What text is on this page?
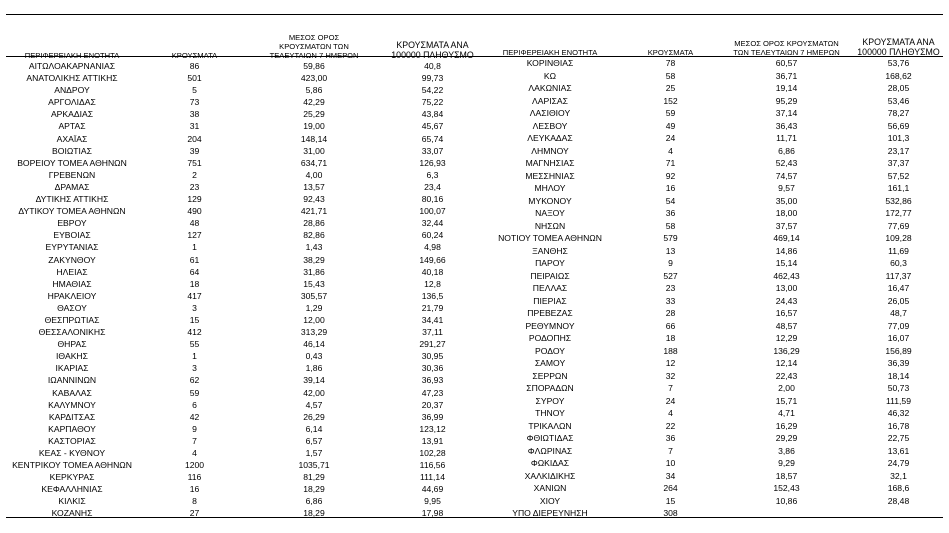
ΠΕΡΙΦΕΡΕΙΑΚΗ ΕΝΟΤΗΤΑ	ΚΡΟΥΣΜΑΤΑ	ΜΕΣΟΣ ΟΡΟΣ ΚΡΟΥΣΜΑΤΩΝ ΤΩΝ ΤΕΛΕΥΤΑΙΩΝ 7 ΗΜΕΡΩΝ	ΚΡΟΥΣΜΑΤΑ ΑΝΑ 100000 ΠΛΗΘΥΣΜΟ

ΑΙΤΩΛΟΑΚΑΡΝΑΝΙΑΣ	86	59,86	40,8
ΑΝΑΤΟΛΙΚΗΣ ΑΤΤΙΚΗΣ	501	423,00	99,73
ΑΝΔΡΟΥ	5	5,86	54,22
ΑΡΓΟΛΙΔΑΣ	73	42,29	75,22
ΑΡΚΑΔΙΑΣ	38	25,29	43,84
ΑΡΤΑΣ	31	19,00	45,67
ΑΧΑΪΑΣ	204	148,14	65,74
ΒΟΙΩΤΙΑΣ	39	31,00	33,07
ΒΟΡΕΙΟΥ ΤΟΜΕΑ ΑΘΗΝΩΝ	751	634,71	126,93
ΓΡΕΒΕΝΩΝ	2	4,00	6,3
ΔΡΑΜΑΣ	23	13,57	23,4
ΔΥΤΙΚΗΣ ΑΤΤΙΚΗΣ	129	92,43	80,16
ΔΥΤΙΚΟΥ ΤΟΜΕΑ ΑΘΗΝΩΝ	490	421,71	100,07
ΕΒΡΟΥ	48	28,86	32,44
ΕΥΒΟΙΑΣ	127	82,86	60,24
ΕΥΡΥΤΑΝΙΑΣ	1	1,43	4,98
ΖΑΚΥΝΘΟΥ	61	38,29	149,66
ΗΛΕΙΑΣ	64	31,86	40,18
ΗΜΑΘΙΑΣ	18	15,43	12,8
ΗΡΑΚΛΕΙΟΥ	417	305,57	136,5
ΘΑΣΟΥ	3	1,29	21,79
ΘΕΣΠΡΩΤΙΑΣ	15	12,00	34,41
ΘΕΣΣΑΛΟΝΙΚΗΣ	412	313,29	37,11
ΘΗΡΑΣ	55	46,14	291,27
ΙΘΑΚΗΣ	1	0,43	30,95
ΙΚΑΡΙΑΣ	3	1,86	30,36
ΙΩΑΝΝΙΝΩΝ	62	39,14	36,93
ΚΑΒΑΛΑΣ	59	42,00	47,23
ΚΑΛΥΜΝΟΥ	6	4,57	20,37
ΚΑΡΔΙΤΣΑΣ	42	26,29	36,99
ΚΑΡΠΑΘΟΥ	9	6,14	123,12
ΚΑΣΤΟΡΙΑΣ	7	6,57	13,91
ΚΕΑΣ - ΚΥΘΝΟΥ	4	1,57	102,28
ΚΕΝΤΡΙΚΟΥ ΤΟΜΕΑ ΑΘΗΝΩΝ	1200	1035,71	116,56
ΚΕΡΚΥΡΑΣ	116	81,29	111,14
ΚΕΦΑΛΛΗΝΙΑΣ	16	18,29	44,69
ΚΙΛΚΙΣ	8	6,86	9,95
ΚΟΖΑΝΗΣ	27	18,29	17,98
ΠΕΡΙΦΕΡΕΙΑΚΗ ΕΝΟΤΗΤΑ	ΚΡΟΥΣΜΑΤΑ	ΜΕΣΟΣ ΟΡΟΣ ΚΡΟΥΣΜΑΤΩΝ ΤΩΝ ΤΕΛΕΥΤΑΙΩΝ 7 ΗΜΕΡΩΝ	ΚΡΟΥΣΜΑΤΑ ΑΝΑ 100000 ΠΛΗΘΥΣΜΟ

ΚΟΡΙΝΘΙΑΣ	78	60,57	53,76
ΚΩ	58	36,71	168,62
ΛΑΚΩΝΙΑΣ	25	19,14	28,05
ΛΑΡΙΣΑΣ	152	95,29	53,46
ΛΑΣΙΘΙΟΥ	59	37,14	78,27
ΛΕΣΒΟΥ	49	36,43	56,69
ΛΕΥΚΑΔΑΣ	24	11,71	101,3
ΛΗΜΝΟΥ	4	6,86	23,17
ΜΑΓΝΗΣΙΑΣ	71	52,43	37,37
ΜΕΣΣΗΝΙΑΣ	92	74,57	57,52
ΜΗΛΟΥ	16	9,57	161,1
ΜΥΚΟΝΟΥ	54	35,00	532,86
ΝΑΞΟΥ	36	18,00	172,77
ΝΗΣΩΝ	58	37,57	77,69
ΝΟΤΙΟΥ ΤΟΜΕΑ ΑΘΗΝΩΝ	579	469,14	109,28
ΞΑΝΘΗΣ	13	14,86	11,69
ΠΑΡΟΥ	9	15,14	60,3
ΠΕΙΡΑΙΩΣ	527	462,43	117,37
ΠΕΛΛΑΣ	23	13,00	16,47
ΠΙΕΡΙΑΣ	33	24,43	26,05
ΠΡΕΒΕΖΑΣ	28	16,57	48,7
ΡΕΘΥΜΝΟΥ	66	48,57	77,09
ΡΟΔΟΠΗΣ	18	12,29	16,07
ΡΟΔΟΥ	188	136,29	156,89
ΣΑΜΟΥ	12	12,14	36,39
ΣΕΡΡΩΝ	32	22,43	18,14
ΣΠΟΡΑΔΩΝ	7	2,00	50,73
ΣΥΡΟΥ	24	15,71	111,59
ΤΗΝΟΥ	4	4,71	46,32
ΤΡΙΚΑΛΩΝ	22	16,29	16,78
ΦΘΙΩΤΙΔΑΣ	36	29,29	22,75
ΦΛΩΡΙΝΑΣ	7	3,86	13,61
ΦΩΚΙΔΑΣ	10	9,29	24,79
ΧΑΛΚΙΔΙΚΗΣ	34	18,57	32,1
ΧΑΝΙΩΝ	264	152,43	168,6
ΧΙΟΥ	15	10,86	28,48
ΥΠΟ ΔΙΕΡΕΥΝΗΣΗ	308		
